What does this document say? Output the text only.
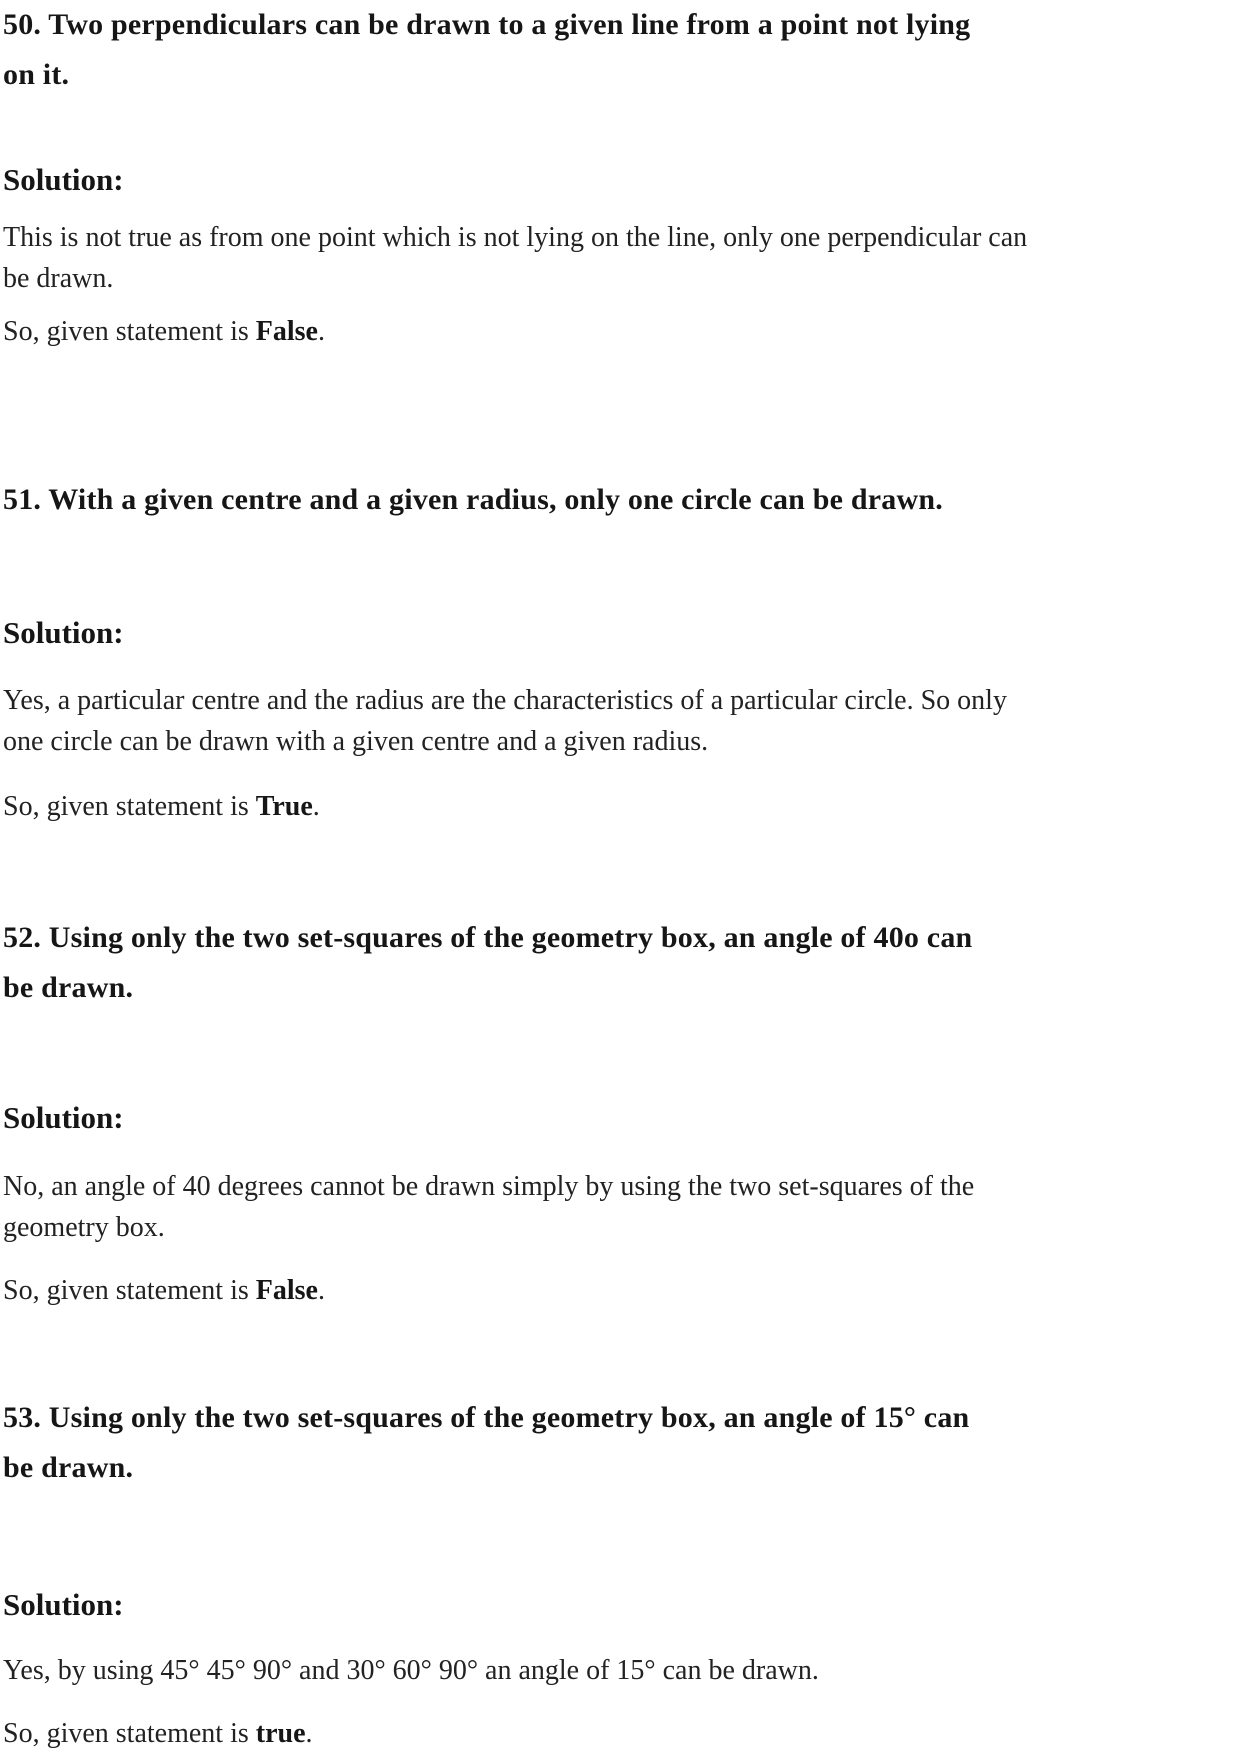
50. Two perpendiculars can be drawn to a given line from a point not lying
on it.
Solution:

This is not true as from one point which is not lying on the line, only one perpendicular can
be drawn.

So, given statement is False.

51. With a given centre and a given radius, only one circle can be drawn.
Solution:

Yes, a particular centre and the radius are the characteristics of a particular circle. So only
one circle can be drawn with a given centre and a given radius.

So, given statement is True.

52. Using only the two set-squares of the geometry box, an angle of 40o can
be drawn.
Solution:

No, an angle of 40 degrees cannot be drawn simply by using the two set-squares of the
geometry box.

So, given statement is False.

53. Using only the two set-squares of the geometry box, an angle of 15° can
be drawn.
Solution:

Yes, by using 45° 45° 90° and 30° 60° 90° an angle of 15° can be drawn.

So, given statement is true.
